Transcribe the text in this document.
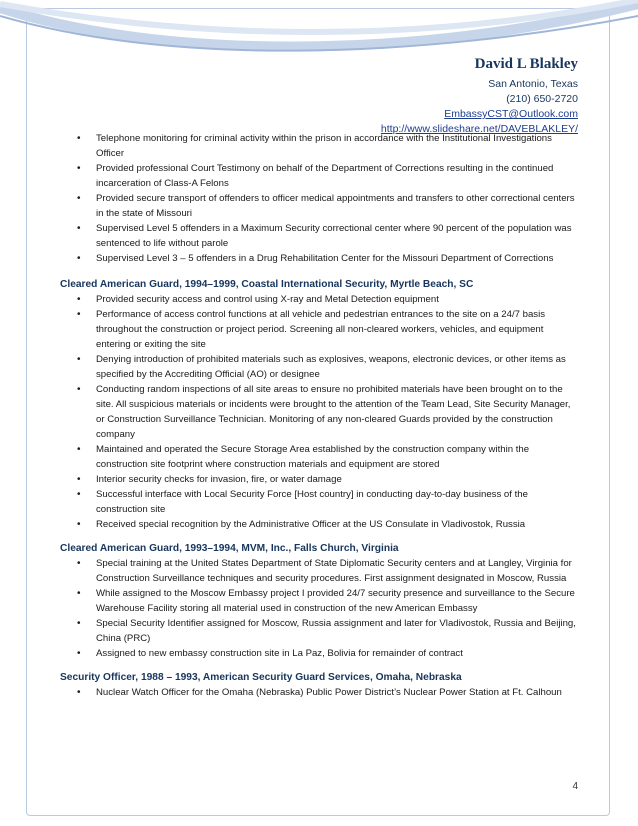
David L Blakley
San Antonio, Texas
(210) 650-2720
EmbassyCST@Outlook.com
http://www.slideshare.net/DAVEBLAKLEY/
• Telephone monitoring for criminal activity within the prison in accordance with the Institutional Investigations Officer
• Provided professional Court Testimony on behalf of the Department of Corrections resulting in the continued incarceration of Class-A Felons
• Provided secure transport of offenders to officer medical appointments and transfers to other correctional centers in the state of Missouri
• Supervised Level 5 offenders in a Maximum Security correctional center where 90 percent of the population was sentenced to life without parole
• Supervised Level 3 – 5 offenders in a Drug Rehabilitation Center for the Missouri Department of Corrections
Cleared American Guard, 1994–1999, Coastal International Security, Myrtle Beach, SC
• Provided security access and control using X-ray and Metal Detection equipment
• Performance of access control functions at all vehicle and pedestrian entrances to the site on a 24/7 basis throughout the construction or project period. Screening all non-cleared workers, vehicles, and equipment entering or exiting the site
• Denying introduction of prohibited materials such as explosives, weapons, electronic devices, or other items as specified by the Accrediting Official (AO) or designee
• Conducting random inspections of all site areas to ensure no prohibited materials have been brought on to the site. All suspicious materials or incidents were brought to the attention of the Team Lead, Site Security Manager, or Construction Surveillance Technician. Monitoring of any non-cleared Guards provided by the construction company
• Maintained and operated the Secure Storage Area established by the construction company within the construction site footprint where construction materials and equipment are stored
• Interior security checks for invasion, fire, or water damage
• Successful interface with Local Security Force [Host country] in conducting day-to-day business of the construction site
• Received special recognition by the Administrative Officer at the US Consulate in Vladivostok, Russia
Cleared American Guard, 1993–1994, MVM, Inc., Falls Church, Virginia
• Special training at the United States Department of State Diplomatic Security centers and at Langley, Virginia for Construction Surveillance techniques and security procedures. First assignment designated in Moscow, Russia
• While assigned to the Moscow Embassy project I provided 24/7 security presence and surveillance to the Secure Warehouse Facility storing all material used in construction of the new American Embassy
• Special Security Identifier assigned for Moscow, Russia assignment and later for Vladivostok, Russia and Beijing, China (PRC)
• Assigned to new embassy construction site in La Paz, Bolivia for remainder of contract
Security Officer, 1988 – 1993, American Security Guard Services, Omaha, Nebraska
• Nuclear Watch Officer for the Omaha (Nebraska) Public Power District’s Nuclear Power Station at Ft. Calhoun
4
